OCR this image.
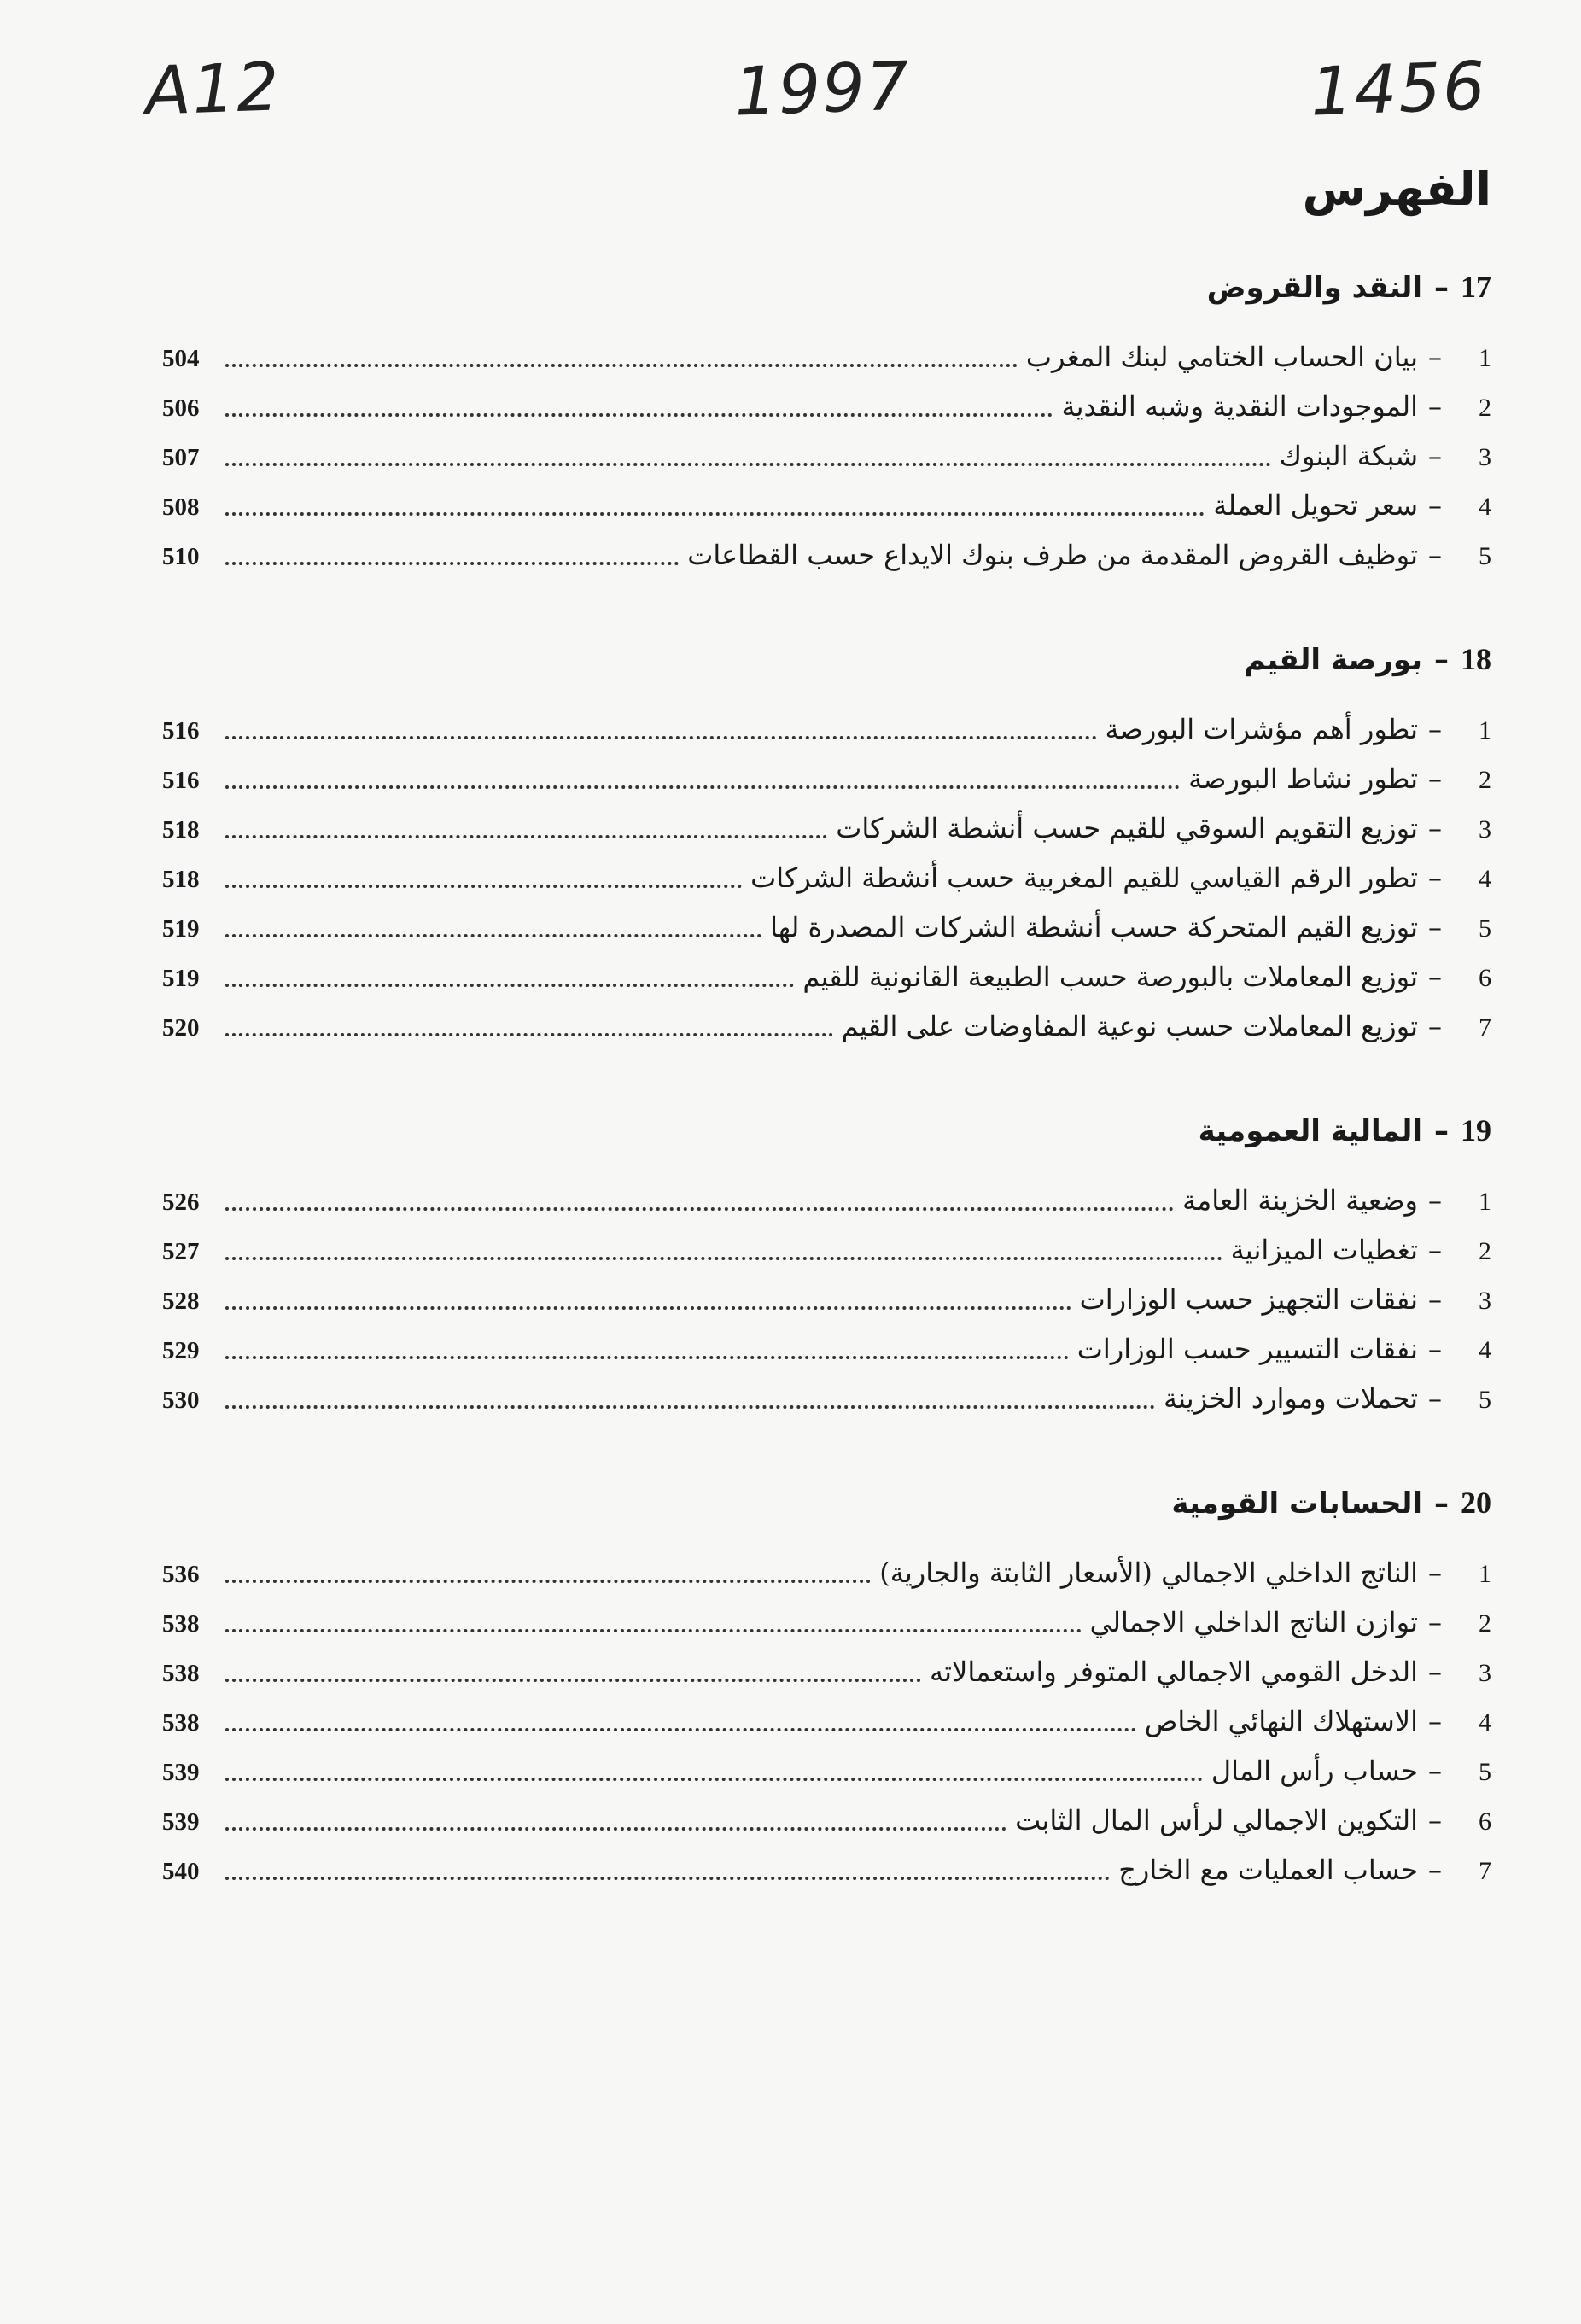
A12	1997	1456
الفهرس
17–النقد والقروض
1
–
بيان الحساب الختامي لبنك المغرب
504
2
–
الموجودات النقدية وشبه النقدية
506
3
–
شبكة البنوك
507
4
–
سعر تحويل العملة
508
5
–
توظيف القروض المقدمة من طرف بنوك الايداع حسب القطاعات
510
18–بورصة القيم
1
–
تطور أهم مؤشرات البورصة
516
2
–
تطور نشاط البورصة
516
3
–
توزيع التقويم السوقي للقيم حسب أنشطة الشركات
518
4
–
تطور الرقم القياسي للقيم المغربية حسب أنشطة الشركات
518
5
–
توزيع القيم المتحركة حسب أنشطة الشركات المصدرة لها
519
6
–
توزيع المعاملات بالبورصة حسب الطبيعة القانونية للقيم
519
7
–
توزيع المعاملات حسب نوعية المفاوضات على القيم
520
19–المالية العمومية
1
–
وضعية الخزينة العامة
526
2
–
تغطيات الميزانية
527
3
–
نفقات التجهيز حسب الوزارات
528
4
–
نفقات التسيير حسب الوزارات
529
5
–
تحملات وموارد الخزينة
530
20–الحسابات القومية
1
–
الناتج الداخلي الاجمالي (الأسعار الثابتة والجارية)
536
2
–
توازن الناتج الداخلي الاجمالي
538
3
–
الدخل القومي الاجمالي المتوفر واستعمالاته
538
4
–
الاستهلاك النهائي الخاص
538
5
–
حساب رأس المال
539
6
–
التكوين الاجمالي لرأس المال الثابت
539
7
–
حساب العمليات مع الخارج
540
